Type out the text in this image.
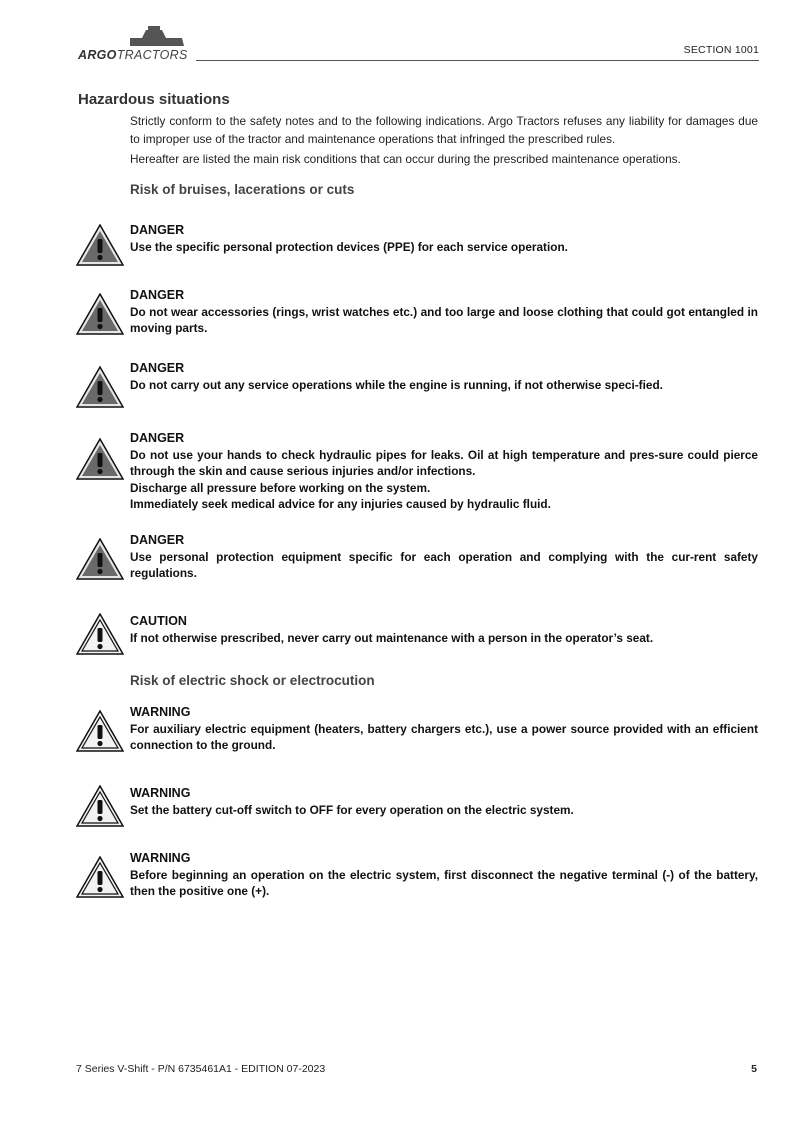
ARGOTRACTORS	SECTION 1001
Hazardous situations

Strictly conform to the safety notes and to the following indications. Argo Tractors refuses any liability for damages due to improper use of the tractor and maintenance operations that infringed the prescribed rules.

Hereafter are listed the main risk conditions that can occur during the prescribed maintenance operations.

Risk of bruises, lacerations or cuts
DANGER
Use the specific personal protection devices (PPE) for each service operation.
DANGER
Do not wear accessories (rings, wrist watches etc.) and too large and loose clothing that could got entangled in moving parts.
DANGER
Do not carry out any service operations while the engine is running, if not otherwise speci-fied.
DANGER
Do not use your hands to check hydraulic pipes for leaks. Oil at high temperature and pres-sure could pierce through the skin and cause serious injuries and/or infections.
Discharge all pressure before working on the system.
Immediately seek medical advice for any injuries caused by hydraulic fluid.
DANGER
Use personal protection equipment specific for each operation and complying with the cur-rent safety regulations.
CAUTION
If not otherwise prescribed, never carry out maintenance with a person in the operator’s seat.
Risk of electric shock or electrocution
WARNING
For auxiliary electric equipment (heaters, battery chargers etc.), use a power source provided with an efficient connection to the ground.
WARNING
Set the battery cut-off switch to OFF for every operation on the electric system.
WARNING
Before beginning an operation on the electric system, first disconnect the negative terminal (-) of the battery, then the positive one (+).
7 Series V-Shift - P/N 6735461A1 - EDITION 07-2023	5
